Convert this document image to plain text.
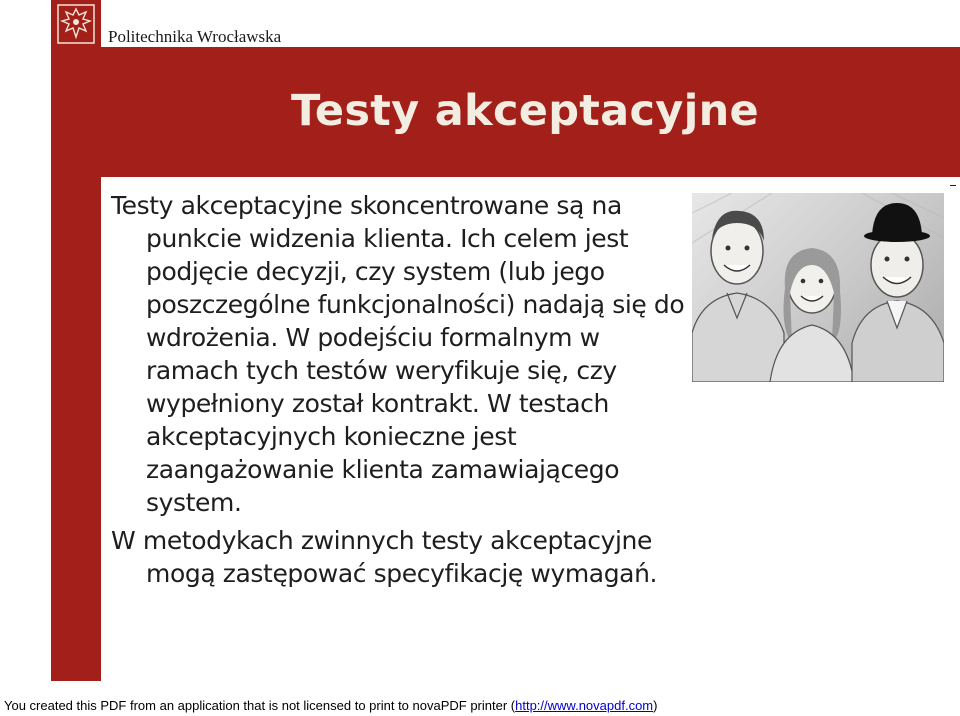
Politechnika Wrocławska
Testy akceptacyjne

Testy akceptacyjne skoncentrowane są na punkcie widzenia klienta. Ich celem jest podjęcie decyzji, czy system (lub jego poszczególne funkcjonalności) nadają się do wdrożenia. W podejściu formalnym w ramach tych testów weryfikuje się, czy wypełniony został kontrakt. W testach akceptacyjnych konieczne jest zaangażowanie klienta zamawiającego system.

W metodykach zwinnych testy akceptacyjne mogą zastępować specyfikację wymagań.

You created this PDF from an application that is not licensed to print to novaPDF printer (http://www.novapdf.com)
